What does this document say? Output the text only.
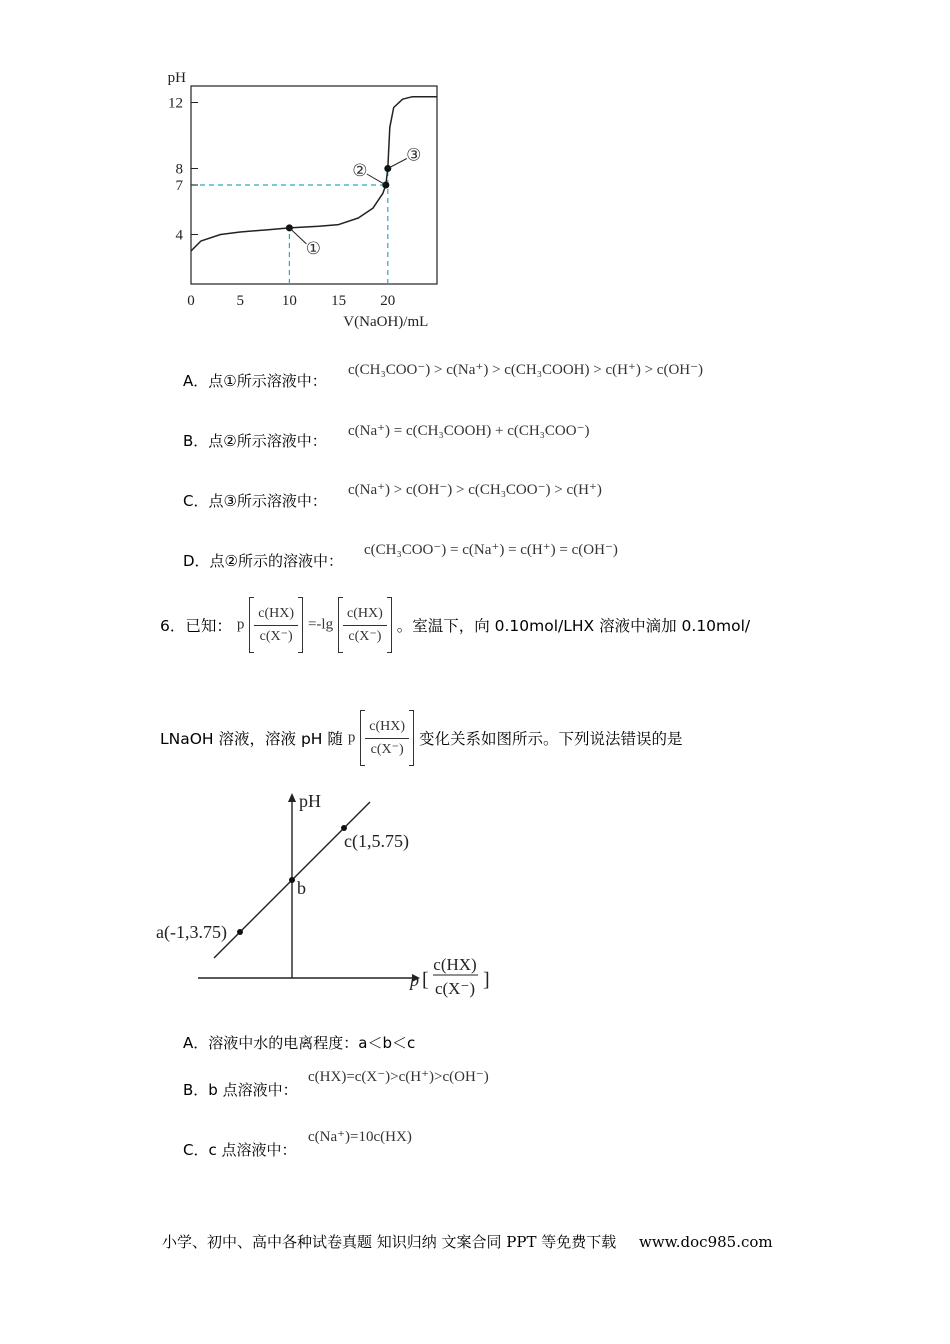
4
7
8
12
0	5	10 15 20
pH
V(NaOH)/mL
①
②
③
A．点①所示溶液中：
c(CH₃COO⁻) > c(Na⁺) > c(CH₃COOH) > c(H⁺) > c(OH⁻)
B．点②所示溶液中：
c(Na⁺) = c(CH₃COOH) + c(CH₃COO⁻)
C．点③所示溶液中：
c(Na⁺) > c(OH⁻) > c(CH₃COO⁻) > c(H⁺)
D．点②所示的溶液中：
c(CH₃COO⁻) = c(Na⁺) = c(H⁺) = c(OH⁻)
6．已知： p $\frac{c(HX)}{c(X^-)} =-\lg \frac{c(HX)}{c(X^-)}$ 。室温下，向 0.10mol/LHX 溶液中滴加 0.10mol/
LNaOH 溶液，溶液 pH 随 p $\frac{c(HX)}{c(X^-)}$ 变化关系如图所示。下列说法错误的是
pH
p [
c(HX)
c(X⁻) ]
a(-1,3.75)
b
c(1,5.75)
A．溶液中水的电离程度：a＜b＜c
B．b 点溶液中：
c(HX)=c(X⁻)>c(H⁺)>c(OH⁻)
C．c 点溶液中：
c(Na⁺)=10c(HX)
小学、初中、高中各种试卷真题 知识归纳 文案合同 PPT 等免费下载 www.doc985.com
